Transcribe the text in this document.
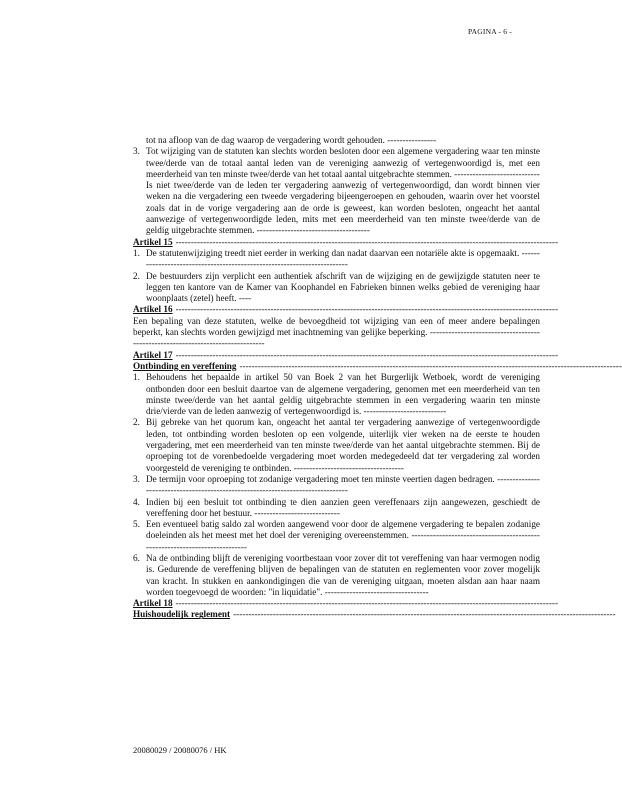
PAGINA - 6 -
tot na afloop van de dag waarop de vergadering wordt gehouden. ----------------
3. Tot wijziging van de statuten kan slechts worden besloten door een algemene vergadering waar ten minste twee/derde van de totaal aantal leden van de vereniging aanwezig of vertegenwoordigd is, met een meerderheid van ten minste twee/derde van het totaal aantal uitgebrachte stemmen. ----------------------------
Is niet twee/derde van de leden ter vergadering aanwezig of vertegenwoordigd, dan wordt binnen vier weken na die vergadering een tweede vergadering bijeengeroepen en gehouden, waarin over het voorstel zoals dat in de vorige vergadering aan de orde is geweest, kan worden besloten, ongeacht het aantal aanwezige of vertegenwoordigde leden, mits met een meerderheid van ten minste twee/derde van de geldig uitgebrachte stemmen. -------------------------------------
Artikel 15 -----------------------------------------------------------------------------------------------------------------------------
1. De statutenwijziging treedt niet eerder in werking dan nadat daarvan een notariële akte is opgemaakt. ------------------------------------------------------------------------
2. De bestuurders zijn verplicht een authentiek afschrift van de wijziging en de gewijzigde statuten neer te leggen ten kantore van de Kamer van Koophandel en Fabrieken binnen welks gebied de vereniging haar woonplaats (zetel) heeft. ----
Artikel 16 -----------------------------------------------------------------------------------------------------------------------------

Een bepaling van deze statuten, welke de bevoegdheid tot wijziging van een of meer andere bepalingen beperkt, kan slechts worden gewijzigd met inachtneming van gelijke beperking. -------------------------------------------------------------------------------

Artikel 17 -----------------------------------------------------------------------------------------------------------------------------
Ontbinding en vereffening -----------------------------------------------------------------------------------------------------------------------------
1. Behoudens het bepaalde in artikel 50 van Boek 2 van het Burgerlijk Wetboek, wordt de vereniging ontbonden door een besluit daartoe van de algemene vergadering, genomen met een meerderheid van ten minste twee/derde van het aantal geldig uitgebrachte stemmen in een vergadering waarin ten minste drie/vierde van de leden aanwezig of vertegenwoordigd is. ---------------------------
2. Bij gebreke van het quorum kan, ongeacht het aantal ter vergadering aanwezige of vertegenwoordigde leden, tot ontbinding worden besloten op een volgende, uiterlijk vier weken na de eerste te houden vergadering, met een meerderheid van ten minste twee/derde van het aantal uitgebrachte stemmen. Bij de oproeping tot de vorenbedoelde vergadering moet worden medegedeeld dat ter vergadering zal worden voorgesteld de vereniging te ontbinden. ------------------------------------
3. De termijn voor oproeping tot zodanige vergadering moet ten minste veertien dagen bedragen. --------------------------------------------------------------------------------
4. Indien bij een besluit tot ontbinding te dien aanzien geen vereffenaars zijn aangewezen, geschiedt de vereffening door het bestuur. ----------------------------
5. Een eventueel batig saldo zal worden aangewend voor door de algemene vergadering te bepalen zodanige doeleinden als het meest met het doel der vereniging overeenstemmen. ---------------------------------------------------------------------------
6. Na de ontbinding blijft de vereniging voortbestaan voor zover dit tot vereffening van haar vermogen nodig is. Gedurende de vereffening blijven de bepalingen van de statuten en reglementen voor zover mogelijk van kracht. In stukken en aankondigingen die van de vereniging uitgaan, moeten alsdan aan haar naam worden toegevoegd de woorden: "in liquidatie". ----------------------------------
Artikel 18 -----------------------------------------------------------------------------------------------------------------------------
Huishoudelijk reglement -----------------------------------------------------------------------------------------------------------------------------
20080029 / 20080076 / HK
